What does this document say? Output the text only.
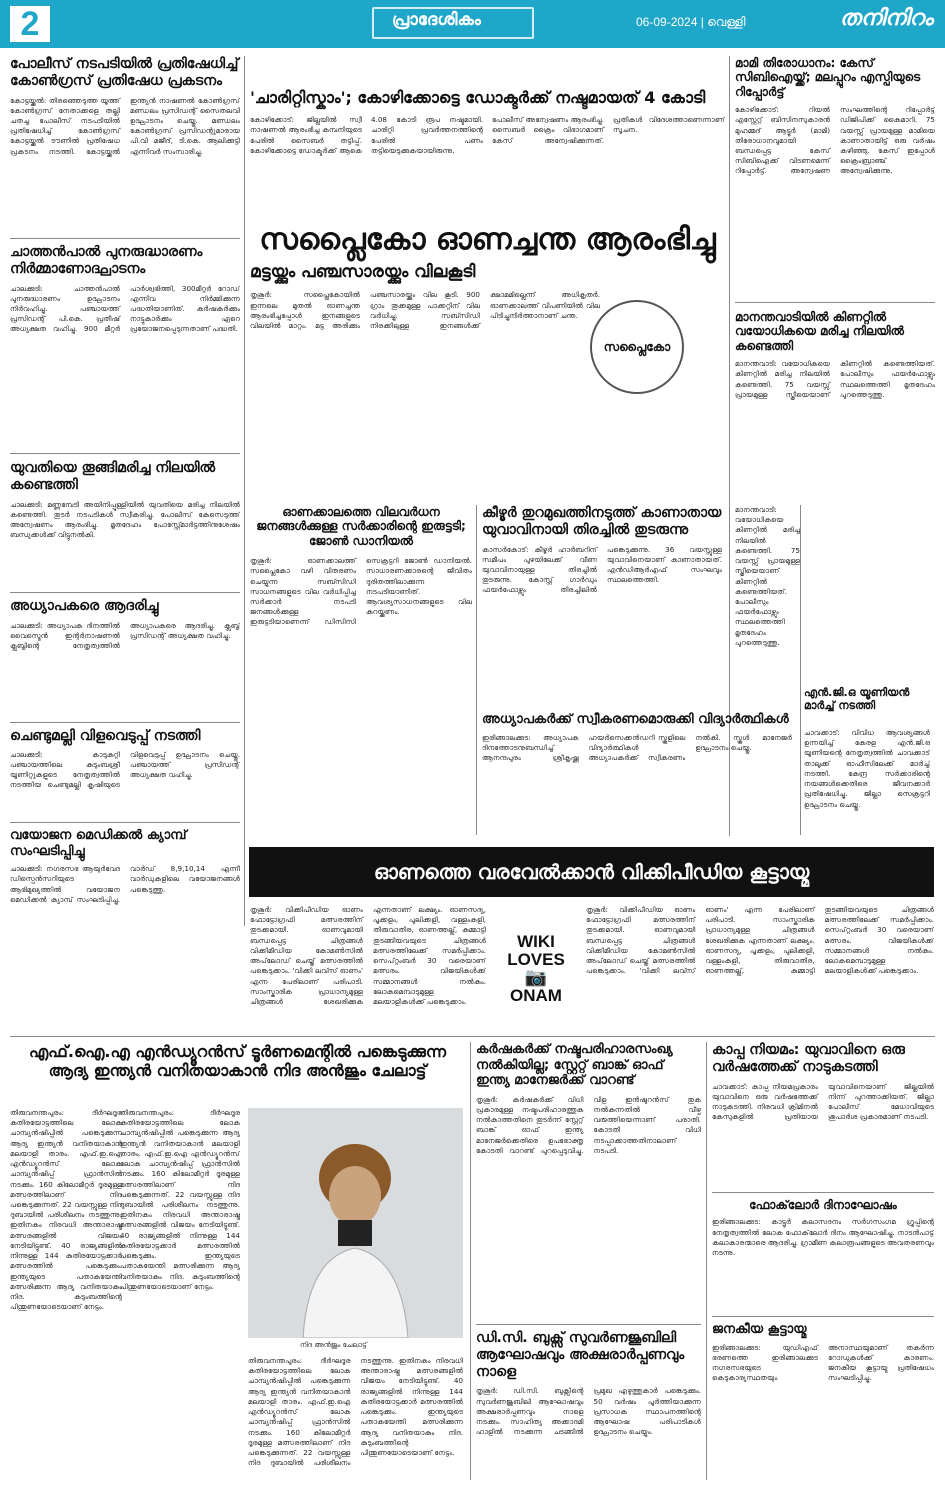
2	പ്രാദേശികം	06-09-2024 | വെള്ളി	തനിനിറം
പോലീസ് നടപടിയിൽ പ്രതിഷേധിച്ച് കോൺഗ്രസ് പ്രതിഷേധ പ്രകടനം
കോട്ടയ്ക്കൽ: തിരഞ്ഞെടുത്ത യൂത്ത് കോൺഗ്രസ് നേതാക്കളെ തല്ലി ചതച്ച പോലീസ് നടപടിയിൽ പ്രതിഷേധിച്ച് കോൺഗ്രസ് കോട്ടയ്ക്കൽ ടൗണിൽ പ്രതിഷേധ പ്രകടനം നടത്തി. കോട്ടയ്ക്കൽ ഇന്ത്യൻ നാഷണൽ കോൺഗ്രസ് മണ്ഡലം പ്രസിഡന്റ് സൈതലവി ഉദ്ഘാടനം ചെയ്തു. മണ്ഡലം കോൺഗ്രസ് പ്രസിഡന്റുമാരായ പി.വി മജീദ്, ടി.കെ. ആലിക്കുട്ടി എന്നിവർ സംസാരിച്ചു.
ചാത്തൻപാൽ പുനരുദ്ധാരണം നിർമ്മാണോദ്ഘാടനം
ചാലക്കുടി: ചാത്തൻപാൽ പുനരുദ്ധാരണം ഉദ്ഘാടനം നിർവഹിച്ചു. പഞ്ചായത്ത് പ്രസിഡന്റ് പി.കെ. പ്രതീഷ് അധ്യക്ഷത വഹിച്ചു. 900 മീറ്റർ പാർശ്വഭിത്തി, 300മീറ്റർ റോഡ് എന്നിവ നിർമ്മിക്കുന്ന പദ്ധതിയാണിത്. കർഷകർക്കും നാട്ടുകാർക്കും ഏറെ പ്രയോജനപ്പെടുന്നതാണ് പദ്ധതി.
യുവതിയെ തൂങ്ങിമരിച്ച നിലയിൽ കണ്ടെത്തി
ചാലക്കുടി: മണ്ണമ്പേടി അയിനിപ്പുള്ളിയിൽ യുവതിയെ മരിച്ച നിലയിൽ കണ്ടെത്തി. തുടർ നടപടികൾ സ്വീകരിച്ചു. പോലീസ് കേസെടുത്ത് അന്വേഷണം ആരംഭിച്ചു. മൃതദേഹം പോസ്റ്റ്മോർട്ടത്തിനുശേഷം ബന്ധുക്കൾക്ക് വിട്ടുനൽകി.
അധ്യാപകരെ ആദരിച്ചു
ചാലക്കുടി: അധ്യാപക ദിനത്തിൽ വൈസ്മെൻ ഇന്റർനാഷണൽ ക്ലബ്ബിന്റെ നേതൃത്വത്തിൽ അധ്യാപകരെ ആദരിച്ചു. ക്ലബ്ബ് പ്രസിഡന്റ് അധ്യക്ഷത വഹിച്ചു.
ചെണ്ടുമല്ലി വിളവെടുപ്പ് നടത്തി
ചാലക്കുടി: കാടുകുറ്റി പഞ്ചായത്തിലെ കുടുംബശ്രീ യൂണിറ്റുകളുടെ നേതൃത്വത്തിൽ നടത്തിയ ചെണ്ടുമല്ലി കൃഷിയുടെ വിളവെടുപ്പ് ഉദ്ഘാടനം ചെയ്തു. പഞ്ചായത്ത് പ്രസിഡന്റ് അധ്യക്ഷത വഹിച്ചു.
വയോജന മെഡിക്കൽ ക്യാമ്പ് സംഘടിപ്പിച്ചു
ചാലക്കുടി: നഗരസഭ ആയുർവേദ ഡിസ്പെൻസറിയുടെ ആഭിമുഖ്യത്തിൽ വയോജന മെഡിക്കൽ ക്യാമ്പ് സംഘടിപ്പിച്ചു. വാർഡ് 8,9,10,14 എന്നീ വാർഡുകളിലെ വയോജനങ്ങൾ പങ്കെടുത്തു.
'ചാരിറ്റിസ്കാം'; കോഴിക്കോട്ടെ ഡോക്ടർക്ക് നഷ്ടമായത് 4 കോടി
കോഴിക്കോട്: ജില്ലയിൽ സ്വീ നാഷണൽ ആരംഭിച്ച കമ്പനിയുടെ പേരിൽ സൈബർ തട്ടിപ്പ്. കോഴിക്കോട്ടെ ഡോക്ടർക്ക് ആകെ 4.08 കോടി രൂപ നഷ്ടമായി. ചാരിറ്റി പ്രവർത്തനത്തിന്റെ പേരിൽ പണം തട്ടിയെടുക്കുകയായിരുന്നു. പോലീസ് അന്വേഷണം ആരംഭിച്ചു. സൈബർ ക്രൈം വിഭാഗമാണ് കേസ് അന്വേഷിക്കുന്നത്. പ്രതികൾ വിദേശത്താണെന്നാണ് സൂചന.
സപ്ലൈകോ ഓണച്ചന്ത ആരംഭിച്ചു
മട്ടയ്ക്കും പഞ്ചസാരയ്ക്കും വിലകൂടി
തൃശൂർ: സപ്ലൈകോയിൽ ഇന്നലെ മുതൽ ഓണച്ചന്ത ആരംഭിച്ചപ്പോൾ ഇനങ്ങളുടെ വിലയിൽ മാറ്റം. മട്ട അരിക്കും പഞ്ചസാരയ്ക്കും വില കൂടി. 900 ഗ്രാം തൂക്കമുള്ള പാക്കറ്റിന് വില വർധിച്ചു. സബ്സിഡി നിരക്കിലുള്ള ഇനങ്ങൾക്ക് ക്ഷാമമില്ലെന്ന് അധികൃതർ. ഓണക്കാലത്ത് വിപണിയിൽ വില പിടിച്ചുനിർത്താനാണ് ചന്ത.
സപ്ലൈകോ
മാമി തിരോധാനം: കേസ് സിബിഐയ്ക്ക്; മലപ്പുറം എസ്പിയുടെ റിപ്പോർട്ട്
കോഴിക്കോട്: റിയൽ എസ്റ്റേറ്റ് ബിസിനസുകാരൻ മുഹമ്മദ് ആട്ടൂർ (മാമി) തിരോധാനവുമായി ബന്ധപ്പെട്ട കേസ് സിബിഐക്ക് വിടണമെന്ന് റിപ്പോർട്ട്. അന്വേഷണ സംഘത്തിന്റെ റിപ്പോർട്ട് ഡിജിപിക്ക് കൈമാറി. 75 വയസ്സ് പ്രായമുള്ള മാമിയെ കാണാതായിട്ട് ഒരു വർഷം കഴിഞ്ഞു. കേസ് ഇപ്പോൾ ക്രൈംബ്രാഞ്ച് അന്വേഷിക്കുന്നു.
മാനന്തവാടിയിൽ കിണറ്റിൽ വയോധികയെ മരിച്ച നിലയിൽ കണ്ടെത്തി
മാനന്തവാടി: വയോധികയെ കിണറ്റിൽ മരിച്ച നിലയിൽ കണ്ടെത്തി. 75 വയസ്സ് പ്രായമുള്ള സ്ത്രീയെയാണ് കിണറ്റിൽ കണ്ടെത്തിയത്. പോലീസും ഫയർഫോഴ്സും സ്ഥലത്തെത്തി മൃതദേഹം പുറത്തെടുത്തു.
ഓണക്കാലത്തെ വിലവർധന ജനങ്ങൾക്കുള്ള സർക്കാരിന്റെ ഇരുട്ടടി; ജോൺ ഡാനിയൽ
തൃശൂർ: ഓണക്കാലത്ത് സപ്ലൈകോ വഴി വിതരണം ചെയ്യുന്ന സബ്സിഡി സാധനങ്ങളുടെ വില വർധിപ്പിച്ച സർക്കാർ നടപടി ജനങ്ങൾക്കുള്ള ഇരുട്ടടിയാണെന്ന് ഡിസിസി സെക്രട്ടറി ജോൺ ഡാനിയൽ. സാധാരണക്കാരന്റെ ജീവിതം ദുരിതത്തിലാക്കുന്ന നടപടിയാണിത്. ആവശ്യസാധനങ്ങളുടെ വില കുറയ്ക്കണം.
കീഴൂർ തുറമുഖത്തിനടുത്ത് കാണാതായ യുവാവിനായി തിരച്ചിൽ തുടരുന്നു
കാസർകോട്: കീഴൂർ ഹാർബറിന് സമീപം പുഴയിലേക്ക് വീണ യുവാവിനായുള്ള തിരച്ചിൽ തുടരുന്നു. കോസ്റ്റ് ഗാർഡും ഫയർഫോഴ്സും തിരച്ചിലിൽ പങ്കെടുക്കുന്നു. 36 വയസ്സുള്ള യുവാവിനെയാണ് കാണാതായത്. എൻഡിആർഎഫ് സംഘവും സ്ഥലത്തെത്തി.
എൻ.ജി.ഒ യൂണിയൻ മാർച്ച് നടത്തി
ചാവക്കാട്: വിവിധ ആവശ്യങ്ങൾ ഉന്നയിച്ച് കേരള എൻ.ജി.ഒ യൂണിയന്റെ നേതൃത്വത്തിൽ ചാവക്കാട് താലൂക്ക് ഓഫീസിലേക്ക് മാർച്ച് നടത്തി. കേന്ദ്ര സർക്കാരിന്റെ നയങ്ങൾക്കെതിരെ ജീവനക്കാർ പ്രതിഷേധിച്ചു. ജില്ലാ സെക്രട്ടറി ഉദ്ഘാടനം ചെയ്തു.
മാനന്തവാടി: വയോധികയെ കിണറ്റിൽ മരിച്ച നിലയിൽ കണ്ടെത്തി. 75 വയസ്സ് പ്രായമുള്ള സ്ത്രീയെയാണ് കിണറ്റിൽ കണ്ടെത്തിയത്. പോലീസും ഫയർഫോഴ്സും സ്ഥലത്തെത്തി മൃതദേഹം പുറത്തെടുത്തു.
അധ്യാപകർക്ക് സ്വീകരണമൊരുക്കി വിദ്യാർത്ഥികൾ
ഇരിങ്ങാലക്കുട: അധ്യാപക ദിനത്തോടനുബന്ധിച്ച് ആനന്ദപുരം ശ്രീകൃഷ്ണ ഹയർസെക്കൻഡറി സ്കൂളിലെ വിദ്യാർത്ഥികൾ അധ്യാപകർക്ക് സ്വീകരണം നൽകി. സ്കൂൾ മാനേജർ ഉദ്ഘാടനം ചെയ്തു.
ഓണത്തെ വരവേൽക്കാൻ വിക്കിപീഡിയ കൂട്ടായ്മ
WIKI
LOVES
📷
ONAM
തൃശൂർ: വിക്കിപീഡിയ ഓണം ഫോട്ടോഗ്രഫി മത്സരത്തിന് തുടക്കമായി. ഓണവുമായി ബന്ധപ്പെട്ട ചിത്രങ്ങൾ വിക്കിമീഡിയ കോമൺസിൽ അപ്‌ലോഡ് ചെയ്ത് മത്സരത്തിൽ പങ്കെടുക്കാം. 'വിക്കി ലവ്സ് ഓണം' എന്ന പേരിലാണ് പരിപാടി. സാംസ്കാരിക പ്രാധാന്യമുള്ള ചിത്രങ്ങൾ ശേഖരിക്കുക എന്നതാണ് ലക്ഷ്യം. ഓണസദ്യ, പൂക്കളം, പുലിക്കളി, വള്ളംകളി, തിരുവാതിര, ഓണത്തല്ല്, കുമ്മാട്ടി തുടങ്ങിയവയുടെ ചിത്രങ്ങൾ മത്സരത്തിലേക്ക് സമർപ്പിക്കാം. സെപ്റ്റംബർ 30 വരെയാണ് മത്സരം. വിജയികൾക്ക് സമ്മാനങ്ങൾ നൽകും. ലോകമെമ്പാടുമുള്ള മലയാളികൾക്ക് പങ്കെടുക്കാം.
തൃശൂർ: വിക്കിപീഡിയ ഓണം ഫോട്ടോഗ്രഫി മത്സരത്തിന് തുടക്കമായി. ഓണവുമായി ബന്ധപ്പെട്ട ചിത്രങ്ങൾ വിക്കിമീഡിയ കോമൺസിൽ അപ്‌ലോഡ് ചെയ്ത് മത്സരത്തിൽ പങ്കെടുക്കാം. 'വിക്കി ലവ്സ് ഓണം' എന്ന പേരിലാണ് പരിപാടി. സാംസ്കാരിക പ്രാധാന്യമുള്ള ചിത്രങ്ങൾ ശേഖരിക്കുക എന്നതാണ് ലക്ഷ്യം. ഓണസദ്യ, പൂക്കളം, പുലിക്കളി, വള്ളംകളി, തിരുവാതിര, ഓണത്തല്ല്, കുമ്മാട്ടി തുടങ്ങിയവയുടെ ചിത്രങ്ങൾ മത്സരത്തിലേക്ക് സമർപ്പിക്കാം. സെപ്റ്റംബർ 30 വരെയാണ് മത്സരം. വിജയികൾക്ക് സമ്മാനങ്ങൾ നൽകും. ലോകമെമ്പാടുമുള്ള മലയാളികൾക്ക് പങ്കെടുക്കാം.
എഫ്.ഐ.എ എൻഡ്യൂറൻസ് ടൂർണമെന്റിൽ പങ്കെടുക്കുന്ന ആദ്യ ഇന്ത്യൻ വനിതയാകാൻ നിദ അൻജും ചേലാട്ട്
തിരുവനന്തപുരം: ദീർഘദൂര കുതിരയോട്ടത്തിലെ ലോക ചാമ്പ്യൻഷിപ്പിൽ പങ്കെടുക്കുന്ന ആദ്യ ഇന്ത്യൻ വനിതയാകാൻ മലയാളി താരം. എഫ്.ഇ.ഐ എൻഡ്യൂറൻസ് ലോക ചാമ്പ്യൻഷിപ്പ് ഫ്രാൻസിൽ നടക്കും. 160 കിലോമീറ്റർ ദൂരമുള്ള മത്സരത്തിലാണ് നിദ പങ്കെടുക്കുന്നത്. 22 വയസ്സുള്ള നിദ ദുബായിൽ പരിശീലനം നടത്തുന്നു. ഇതിനകം നിരവധി അന്താരാഷ്ട്ര മത്സരങ്ങളിൽ വിജയം നേടിയിട്ടുണ്ട്. 40 രാജ്യങ്ങളിൽ നിന്നുള്ള 144 കുതിരയോട്ടക്കാർ മത്സരത്തിൽ പങ്കെടുക്കും. ഇന്ത്യയുടെ പതാകയേന്തി മത്സരിക്കുന്ന ആദ്യ വനിതയാകും നിദ. കുടുംബത്തിന്റെ പിന്തുണയോടെയാണ് നേട്ടം.
തിരുവനന്തപുരം: ദീർഘദൂര കുതിരയോട്ടത്തിലെ ലോക ചാമ്പ്യൻഷിപ്പിൽ പങ്കെടുക്കുന്ന ആദ്യ ഇന്ത്യൻ വനിതയാകാൻ മലയാളി താരം. എഫ്.ഇ.ഐ എൻഡ്യൂറൻസ് ലോക ചാമ്പ്യൻഷിപ്പ് ഫ്രാൻസിൽ നടക്കും. 160 കിലോമീറ്റർ ദൂരമുള്ള മത്സരത്തിലാണ് നിദ പങ്കെടുക്കുന്നത്. 22 വയസ്സുള്ള നിദ ദുബായിൽ പരിശീലനം നടത്തുന്നു. ഇതിനകം നിരവധി അന്താരാഷ്ട്ര മത്സരങ്ങളിൽ വിജയം നേടിയിട്ടുണ്ട്. 40 രാജ്യങ്ങളിൽ നിന്നുള്ള 144 കുതിരയോട്ടക്കാർ മത്സരത്തിൽ പങ്കെടുക്കും. ഇന്ത്യയുടെ പതാകയേന്തി മത്സരിക്കുന്ന ആദ്യ വനിതയാകും നിദ. കുടുംബത്തിന്റെ പിന്തുണയോടെയാണ് നേട്ടം.
നിദ അൻജും ചേലാട്ട്
തിരുവനന്തപുരം: ദീർഘദൂര കുതിരയോട്ടത്തിലെ ലോക ചാമ്പ്യൻഷിപ്പിൽ പങ്കെടുക്കുന്ന ആദ്യ ഇന്ത്യൻ വനിതയാകാൻ മലയാളി താരം. എഫ്.ഇ.ഐ എൻഡ്യൂറൻസ് ലോക ചാമ്പ്യൻഷിപ്പ് ഫ്രാൻസിൽ നടക്കും. 160 കിലോമീറ്റർ ദൂരമുള്ള മത്സരത്തിലാണ് നിദ പങ്കെടുക്കുന്നത്. 22 വയസ്സുള്ള നിദ ദുബായിൽ പരിശീലനം നടത്തുന്നു. ഇതിനകം നിരവധി അന്താരാഷ്ട്ര മത്സരങ്ങളിൽ വിജയം നേടിയിട്ടുണ്ട്. 40 രാജ്യങ്ങളിൽ നിന്നുള്ള 144 കുതിരയോട്ടക്കാർ മത്സരത്തിൽ പങ്കെടുക്കും. ഇന്ത്യയുടെ പതാകയേന്തി മത്സരിക്കുന്ന ആദ്യ വനിതയാകും നിദ. കുടുംബത്തിന്റെ പിന്തുണയോടെയാണ് നേട്ടം.
കർഷകർക്ക് നഷ്ടപരിഹാരസംഖ്യ നൽകിയില്ല; സ്റ്റേറ്റ് ബാങ്ക് ഓഫ് ഇന്ത്യ മാനേജർക്ക് വാറണ്ട്
തൃശൂർ: കർഷകർക്ക് വിധി പ്രകാരമുള്ള നഷ്ടപരിഹാരത്തുക നൽകാത്തതിനെ തുടർന്ന് സ്റ്റേറ്റ് ബാങ്ക് ഓഫ് ഇന്ത്യ മാനേജർക്കെതിരെ ഉപഭോക്തൃ കോടതി വാറണ്ട് പുറപ്പെടുവിച്ചു. വിള ഇൻഷുറൻസ് തുക നൽകുന്നതിൽ വീഴ്ച വരുത്തിയെന്നാണ് പരാതി. കോടതി വിധി നടപ്പാക്കാത്തതിനാലാണ് നടപടി.
ഡി.സി. ബുക്സ് സുവർണജൂബിലി ആഘോഷവും അക്ഷരാർപ്പണവും നാളെ
തൃശൂർ: ഡി.സി. ബുക്സിന്റെ സുവർണജൂബിലി ആഘോഷവും അക്ഷരാർപ്പണവും നാളെ നടക്കും. സാഹിത്യ അക്കാദമി ഹാളിൽ നടക്കുന്ന ചടങ്ങിൽ പ്രമുഖ എഴുത്തുകാർ പങ്കെടുക്കും. 50 വർഷം പൂർത്തിയാക്കുന്ന പ്രസാധക സ്ഥാപനത്തിന്റെ ആഘോഷ പരിപാടികൾ ഉദ്ഘാടനം ചെയ്യും.
കാപ്പ നിയമം: യുവാവിനെ ഒരു വർഷത്തേക്ക് നാടുകടത്തി
ചാവക്കാട്: കാപ്പ നിയമപ്രകാരം യുവാവിനെ ഒരു വർഷത്തേക്ക് നാടുകടത്തി. നിരവധി ക്രിമിനൽ കേസുകളിൽ പ്രതിയായ യുവാവിനെയാണ് ജില്ലയിൽ നിന്ന് പുറത്താക്കിയത്. ജില്ലാ പോലീസ് മേധാവിയുടെ ശുപാർശ പ്രകാരമാണ് നടപടി.
ഫോക്‌ലോർ ദിനാഘോഷം
ഇരിങ്ങാലക്കുട: കാട്ടൂർ കലാസദനം സർഗസംഗമ ഗ്രൂപ്പിന്റെ നേതൃത്വത്തിൽ ലോക ഫോക്‌ലോർ ദിനം ആഘോഷിച്ചു. നാടൻപാട്ട് കലാകാരന്മാരെ ആദരിച്ചു. ഗ്രാമീണ കലാരൂപങ്ങളുടെ അവതരണവും നടന്നു.
ജനകീയ കൂട്ടായ്മ
ഇരിങ്ങാലക്കുട: യുഡിഎഫ് ഭരണത്തെ ഇരിങ്ങാലക്കുട നഗരസഭയുടെ കെടുകാര്യസ്ഥതയും അനാസ്ഥയുമാണ് തകർന്ന റോഡുകൾക്ക് കാരണം. ജനകീയ കൂട്ടായ്മ പ്രതിഷേധം സംഘടിപ്പിച്ചു.
